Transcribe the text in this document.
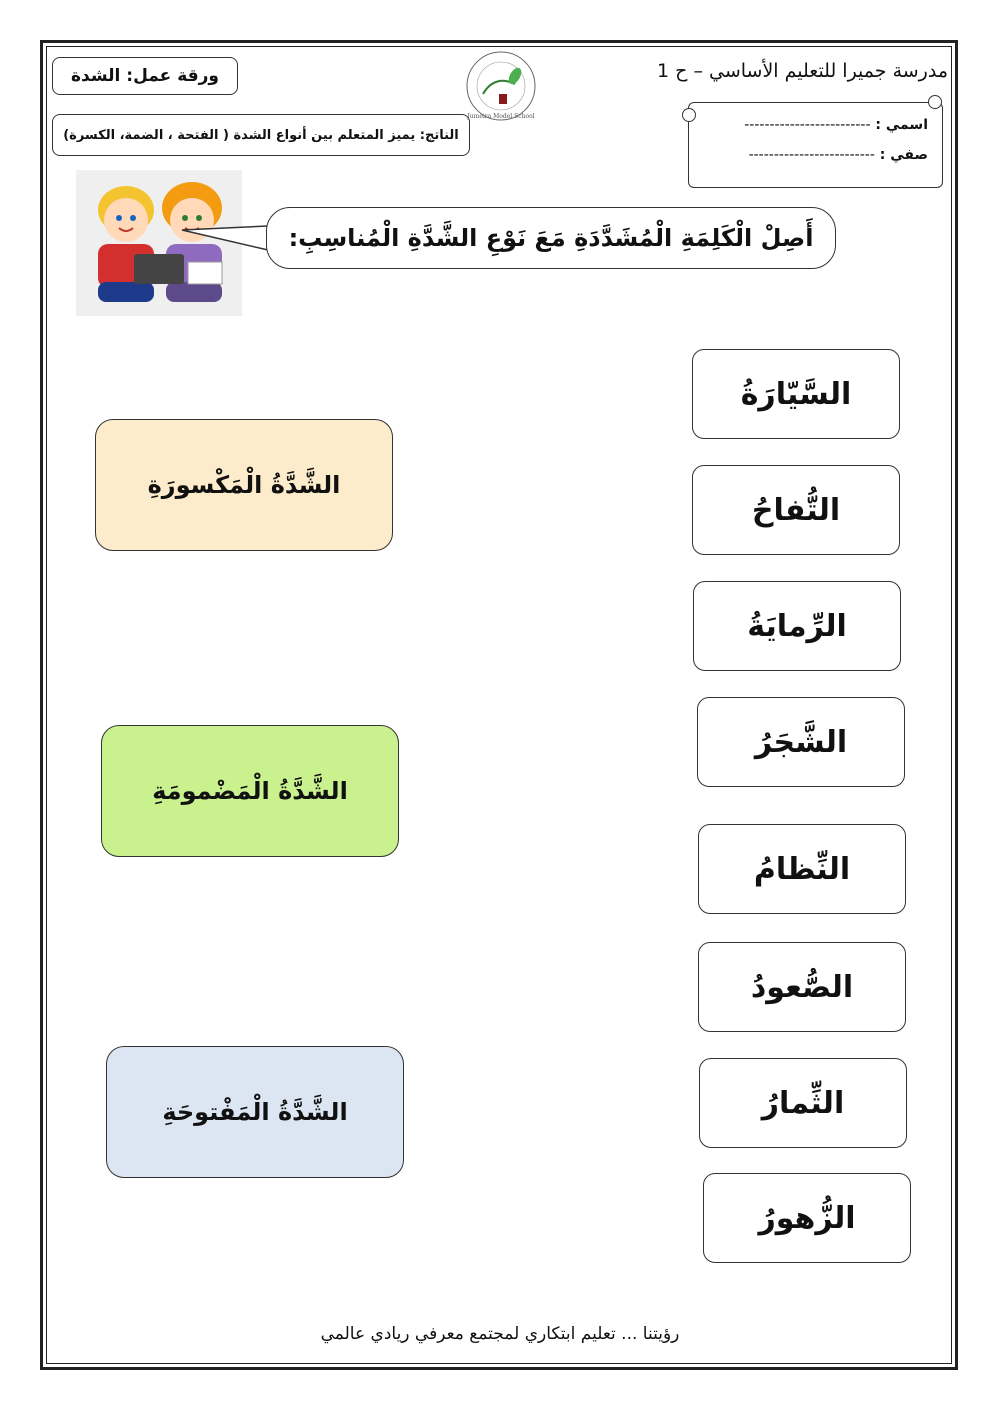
مدرسة جميرا للتعليم الأساسي – ح 1
ورقة عمل: الشدة
الناتج: يميز المتعلم بين أنواع الشدة ( الفتحة ، الضمة، الكسرة)
Jumeira Model School
اسمي : -------------------------
صفي : -------------------------
أَصِلْ الْكَلِمَةِ الْمُشَدَّدَةِ مَعَ نَوْعِ الشَّدَّةِ الْمُناسِبِ:
السَّيّارَةُ
التُّفاحُ
الرِّمايَةُ
الشَّجَرُ
النِّظامُ
الصُّعودُ
الثِّمارُ
الزُّهورُ
الشَّدَّةُ الْمَكْسورَةِ
الشَّدَّةُ الْمَضْمومَةِ
الشَّدَّةُ الْمَفْتوحَةِ
رؤيتنا ... تعليم ابتكاري لمجتمع معرفي ريادي عالمي
